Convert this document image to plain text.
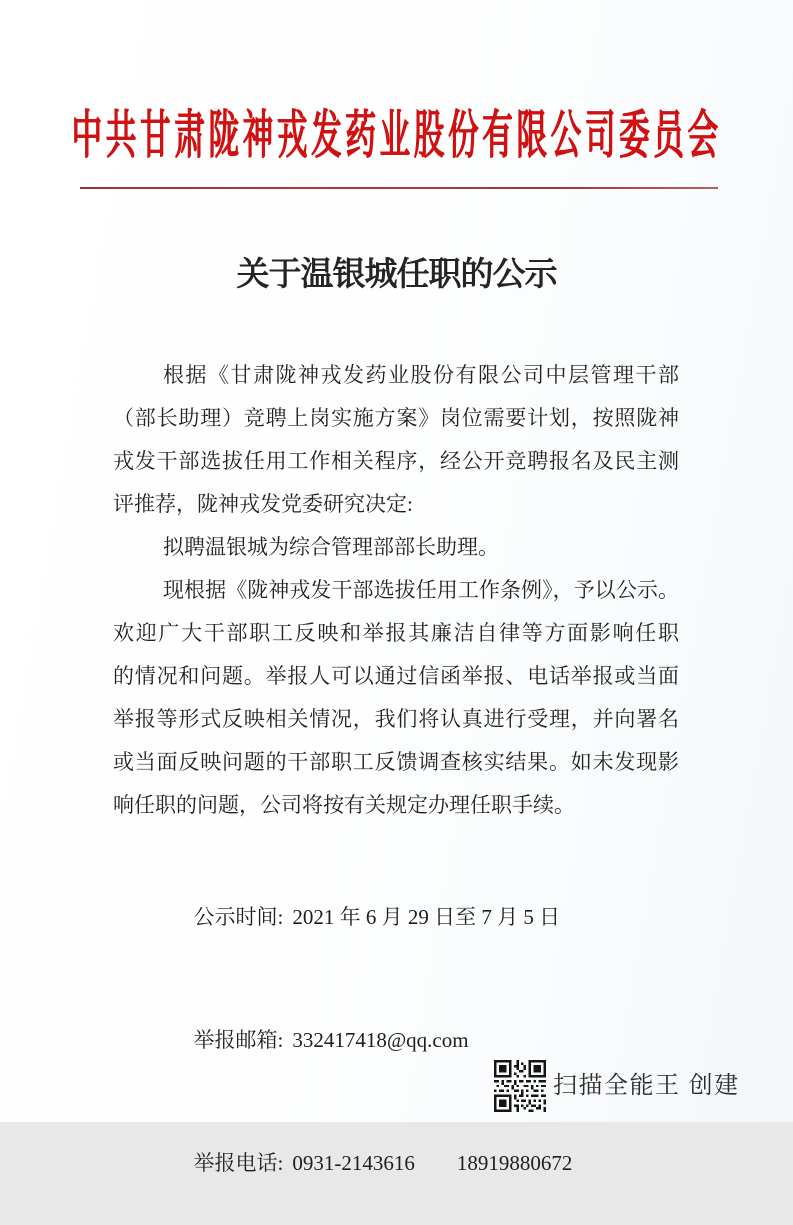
中共甘肃陇神戎发药业股份有限公司委员会
关于温银城任职的公示
根据《甘肃陇神戎发药业股份有限公司中层管理干部
（部长助理）竞聘上岗实施方案》岗位需要计划，按照陇神
戎发干部选拔任用工作相关程序，经公开竞聘报名及民主测
评推荐，陇神戎发党委研究决定:
拟聘温银城为综合管理部部长助理。
现根据《陇神戎发干部选拔任用工作条例》，予以公示。
欢迎广大干部职工反映和举报其廉洁自律等方面影响任职
的情况和问题。举报人可以通过信函举报、电话举报或当面
举报等形式反映相关情况，我们将认真进行受理，并向署名
或当面反映问题的干部职工反馈调查核实结果。如未发现影
响任职的问题，公司将按有关规定办理任职手续。

公示时间: 2021 年 6 月 29 日至 7 月 5 日

举报邮箱: 332417418@qq.com

举报电话: 0931-2143616 18919880672

扫描全能王 创建
